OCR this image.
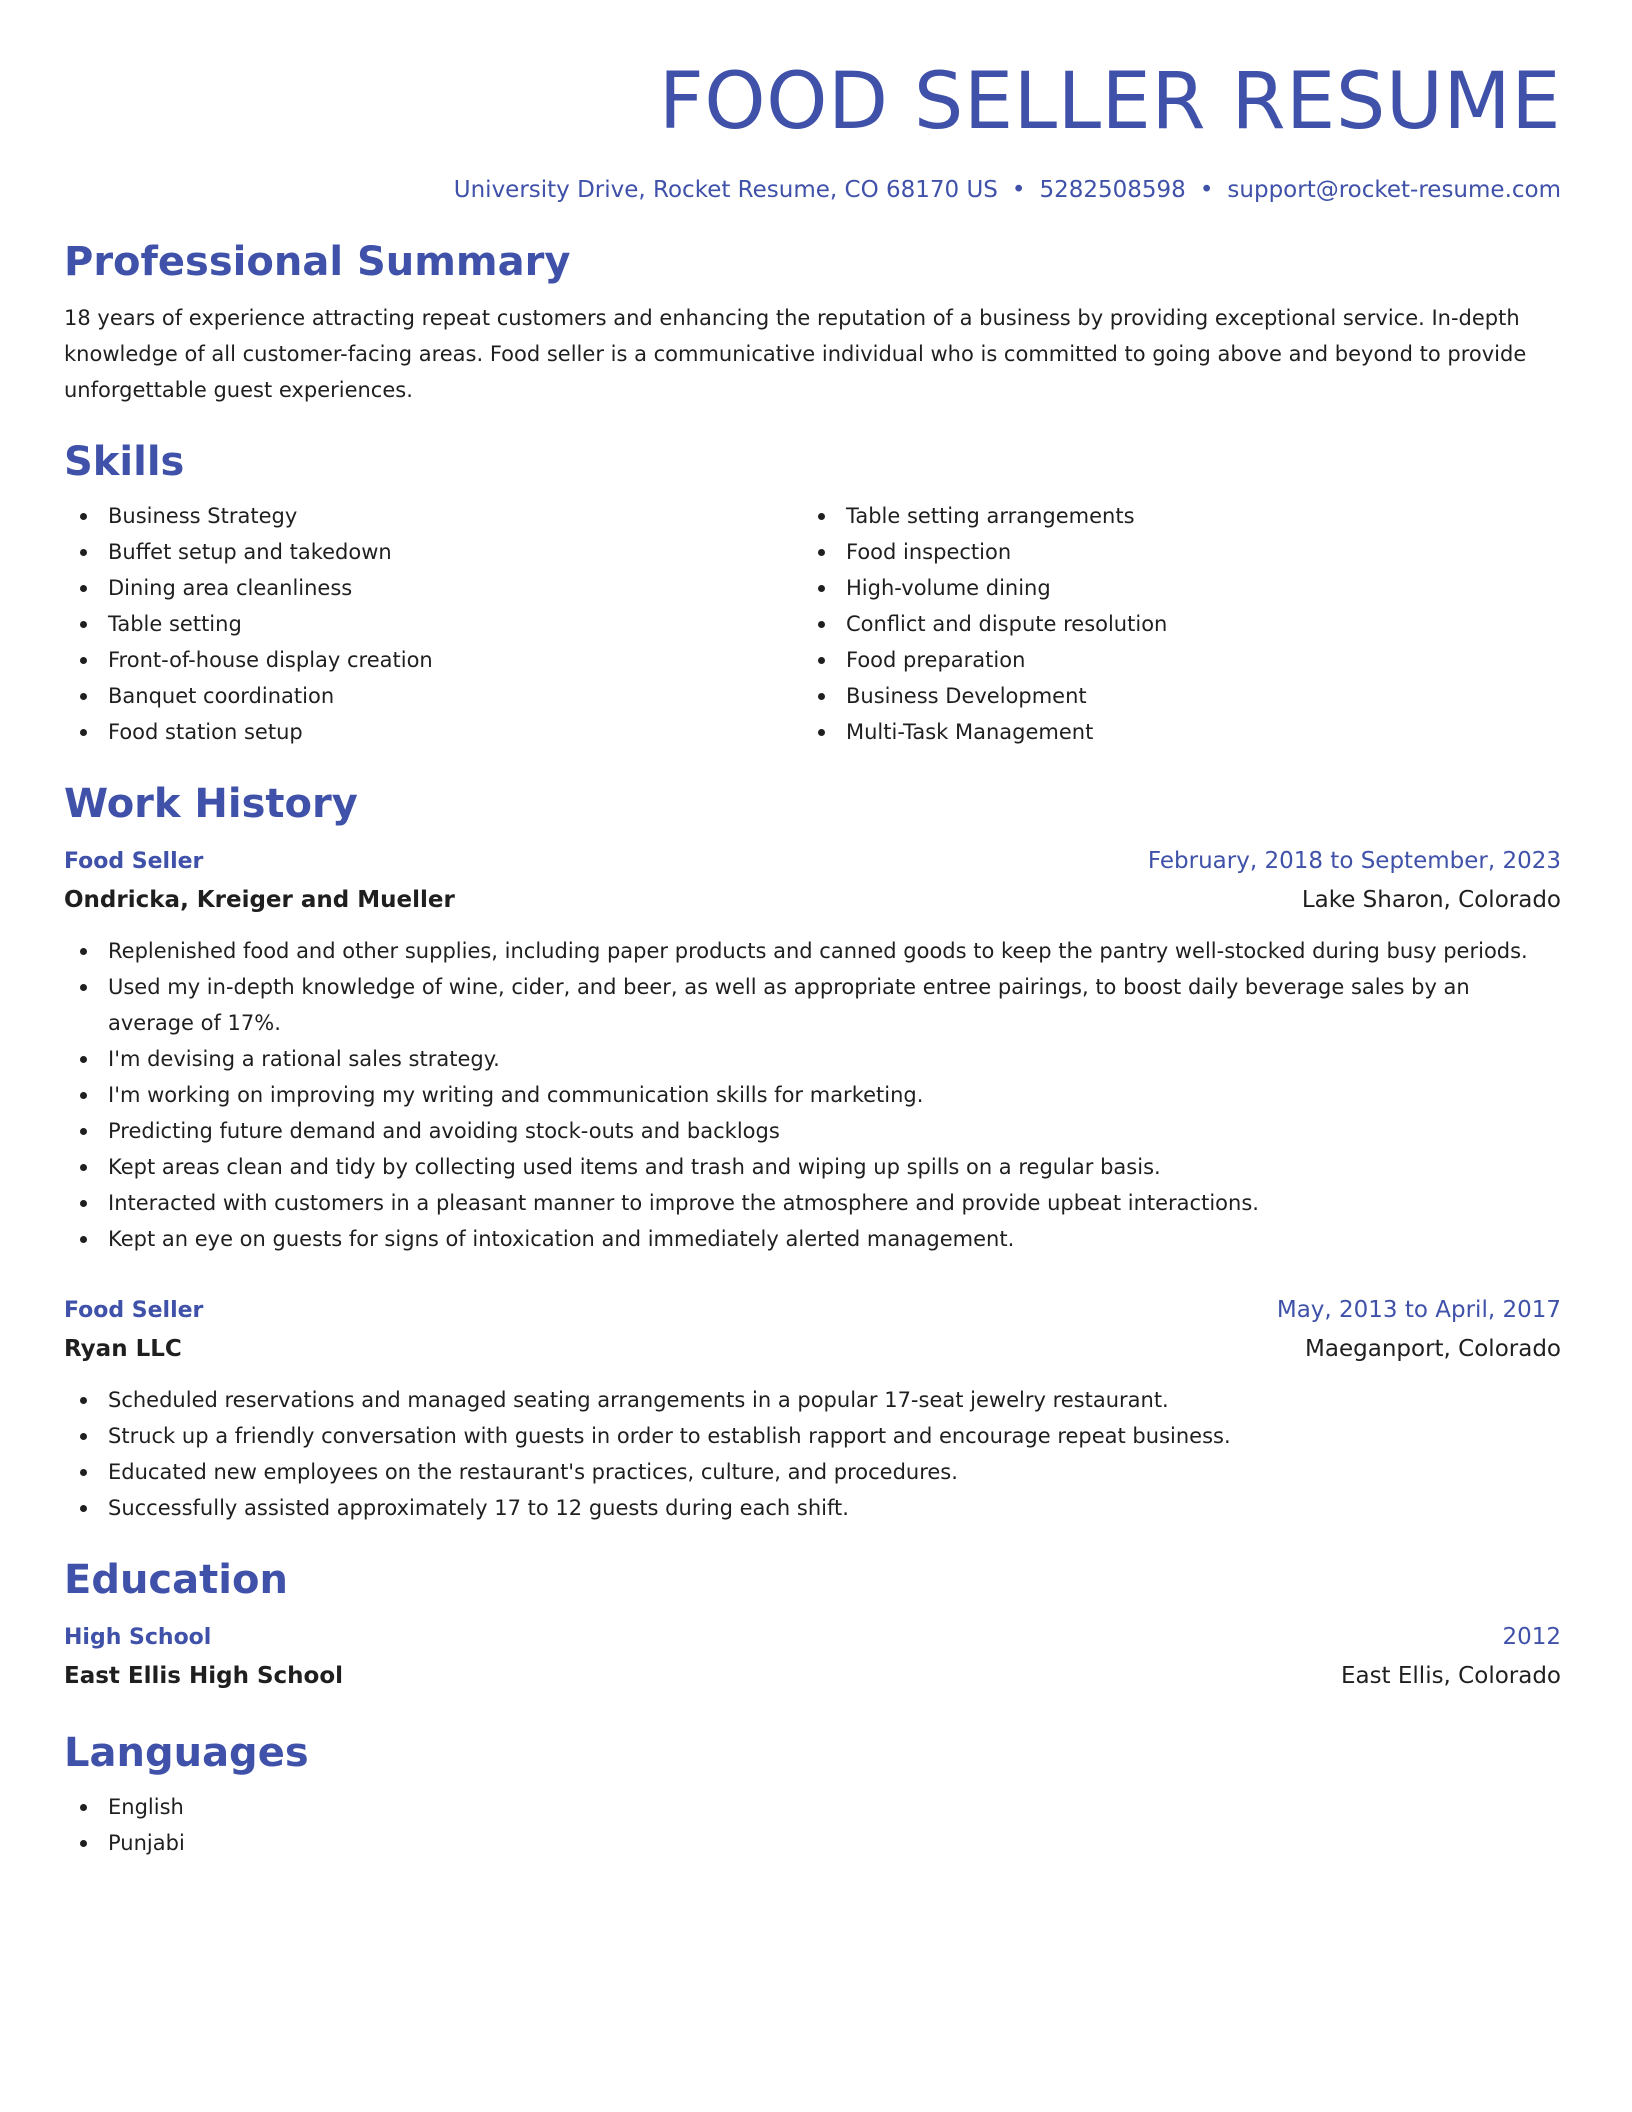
FOOD SELLER RESUME
University Drive, Rocket Resume, CO 68170 US • 5282508598 • support@rocket-resume.com
Professional Summary

18 years of experience attracting repeat customers and enhancing the reputation of a business by providing exceptional service. In-depth knowledge of all customer-facing areas. Food seller is a communicative individual who is committed to going above and beyond to provide unforgettable guest experiences.

Skills
Business Strategy
Buffet setup and takedown
Dining area cleanliness
Table setting
Front-of-house display creation
Banquet coordination
Food station setup
Table setting arrangements
Food inspection
High-volume dining
Conflict and dispute resolution
Food preparation
Business Development
Multi-Task Management
Work History
Food Seller	February, 2018 to September, 2023
Ondricka, Kreiger and Mueller	Lake Sharon, Colorado
Replenished food and other supplies, including paper products and canned goods to keep the pantry well-stocked during busy periods.
Used my in-depth knowledge of wine, cider, and beer, as well as appropriate entree pairings, to boost daily beverage sales by an average of 17%.
I'm devising a rational sales strategy.
I'm working on improving my writing and communication skills for marketing.
Predicting future demand and avoiding stock-outs and backlogs
Kept areas clean and tidy by collecting used items and trash and wiping up spills on a regular basis.
Interacted with customers in a pleasant manner to improve the atmosphere and provide upbeat interactions.
Kept an eye on guests for signs of intoxication and immediately alerted management.
Food Seller	May, 2013 to April, 2017
Ryan LLC	Maeganport, Colorado
Scheduled reservations and managed seating arrangements in a popular 17-seat jewelry restaurant.
Struck up a friendly conversation with guests in order to establish rapport and encourage repeat business.
Educated new employees on the restaurant's practices, culture, and procedures.
Successfully assisted approximately 17 to 12 guests during each shift.
Education
High School	2012
East Ellis High School	East Ellis, Colorado
Languages
English
Punjabi
